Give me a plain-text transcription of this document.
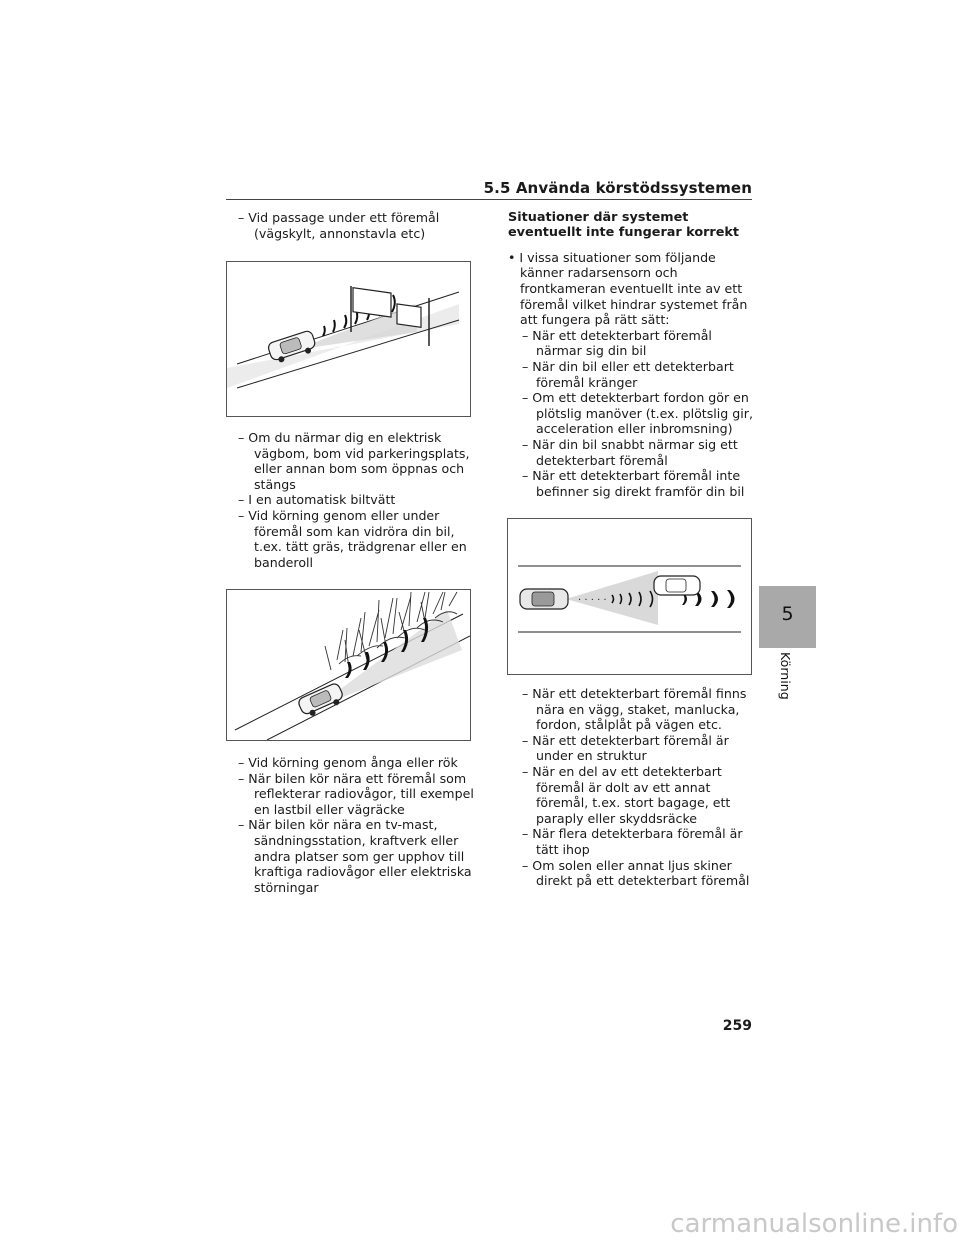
5.5 Använda körstödssystemen

– Vid passage under ett föremål (vägskylt, annonstavla etc)

– Om du närmar dig en elektrisk vägbom, bom vid parkeringsplats, eller annan bom som öppnas och stängs

– I en automatisk biltvätt

– Vid körning genom eller under föremål som kan vidröra din bil, t.ex. tätt gräs, trädgrenar eller en banderoll

– Vid körning genom ånga eller rök

– När bilen kör nära ett föremål som reflekterar radiovågor, till exempel en lastbil eller vägräcke

– När bilen kör nära en tv-mast, sändningsstation, kraftverk eller andra platser som ger upphov till kraftiga radiovågor eller elektriska störningar

Situationer där systemet eventuellt inte fungerar korrekt

• I vissa situationer som följande känner radarsensorn och frontkameran eventuellt inte av ett föremål vilket hindrar systemet från att fungera på rätt sätt:

– När ett detekterbart föremål närmar sig din bil

– När din bil eller ett detekterbart föremål kränger

– Om ett detekterbart fordon gör en plötslig manöver (t.ex. plötslig gir, acceleration eller inbromsning)

– När din bil snabbt närmar sig ett detekterbart föremål

– När ett detekterbart föremål inte befinner sig direkt framför din bil

· · · · ·

– När ett detekterbart föremål finns nära en vägg, staket, manlucka, fordon, stålplåt på vägen etc.

– När ett detekterbart föremål är under en struktur

– När en del av ett detekterbart föremål är dolt av ett annat föremål, t.ex. stort bagage, ett paraply eller skyddsräcke

– När flera detekterbara föremål är tätt ihop

– Om solen eller annat ljus skiner direkt på ett detekterbart föremål

5
Körning
259
carmanualsonline.info
